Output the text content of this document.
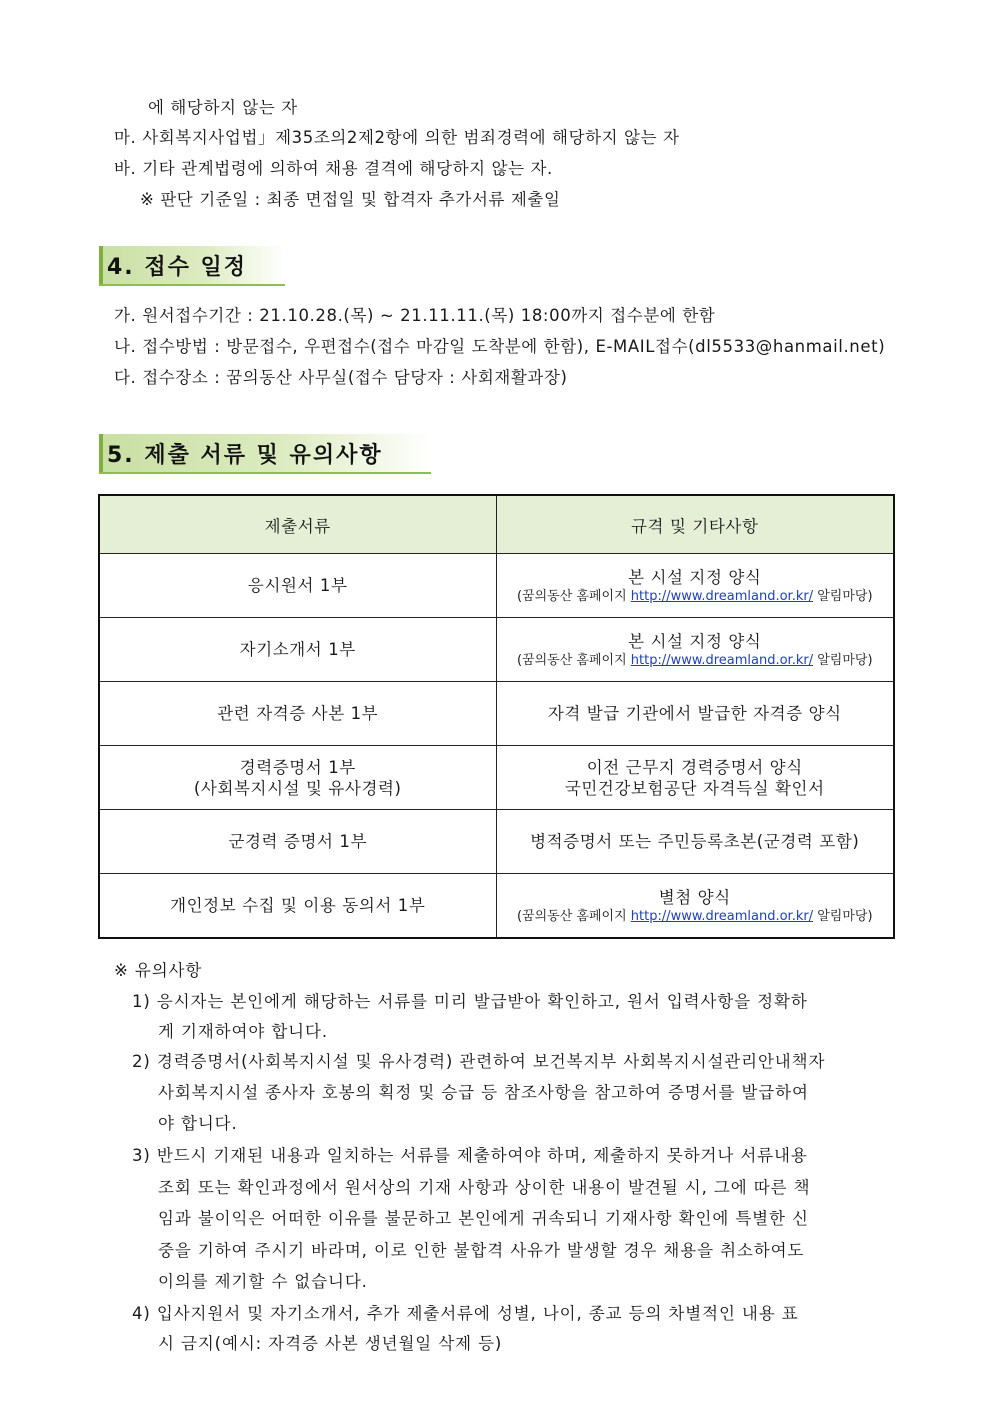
에 해당하지 않는 자
마. 사회복지사업법」제35조의2제2항에 의한 범죄경력에 해당하지 않는 자
바. 기타 관계법령에 의하여 채용 결격에 해당하지 않는 자.
※ 판단 기준일 : 최종 면접일 및 합격자 추가서류 제출일
4. 접수 일정
가. 원서접수기간 : 21.10.28.(목) ~ 21.11.11.(목) 18:00까지 접수분에 한함
나. 접수방법 : 방문접수, 우편접수(접수 마감일 도착분에 한함), E-MAIL접수(dl5533@hanmail.net)
다. 접수장소 : 꿈의동산 사무실(접수 담당자 : 사회재활과장)
5. 제출 서류 및 유의사항
제출서류	규격 및 기타사항
응시원서 1부	본 시설 지정 양식
(꿈의동산 홈페이지 http://www.dreamland.or.kr/ 알림마당)

자기소개서 1부	본 시설 지정 양식
(꿈의동산 홈페이지 http://www.dreamland.or.kr/ 알림마당)

관련 자격증 사본 1부	자격 발급 기관에서 발급한 자격증 양식
경력증명서 1부
(사회복지시설 및 유사경력)	이전 근무지 경력증명서 양식
국민건강보험공단 자격득실 확인서
군경력 증명서 1부	병적증명서 또는 주민등록초본(군경력 포함)
개인정보 수집 및 이용 동의서 1부	별첨 양식
(꿈의동산 홈페이지 http://www.dreamland.or.kr/ 알림마당)
※ 유의사항
1) 응시자는 본인에게 해당하는 서류를 미리 발급받아 확인하고, 원서 입력사항을 정확하
게 기재하여야 합니다.
2) 경력증명서(사회복지시설 및 유사경력) 관련하여 보건복지부 사회복지시설관리안내책자
사회복지시설 종사자 호봉의 획정 및 승급 등 참조사항을 참고하여 증명서를 발급하여
야 합니다.
3) 반드시 기재된 내용과 일치하는 서류를 제출하여야 하며, 제출하지 못하거나 서류내용
조회 또는 확인과정에서 원서상의 기재 사항과 상이한 내용이 발견될 시, 그에 따른 책
임과 불이익은 어떠한 이유를 불문하고 본인에게 귀속되니 기재사항 확인에 특별한 신
중을 기하여 주시기 바라며, 이로 인한 불합격 사유가 발생할 경우 채용을 취소하여도
이의를 제기할 수 없습니다.
4) 입사지원서 및 자기소개서, 추가 제출서류에 성별, 나이, 종교 등의 차별적인 내용 표
시 금지(예시: 자격증 사본 생년월일 삭제 등)
